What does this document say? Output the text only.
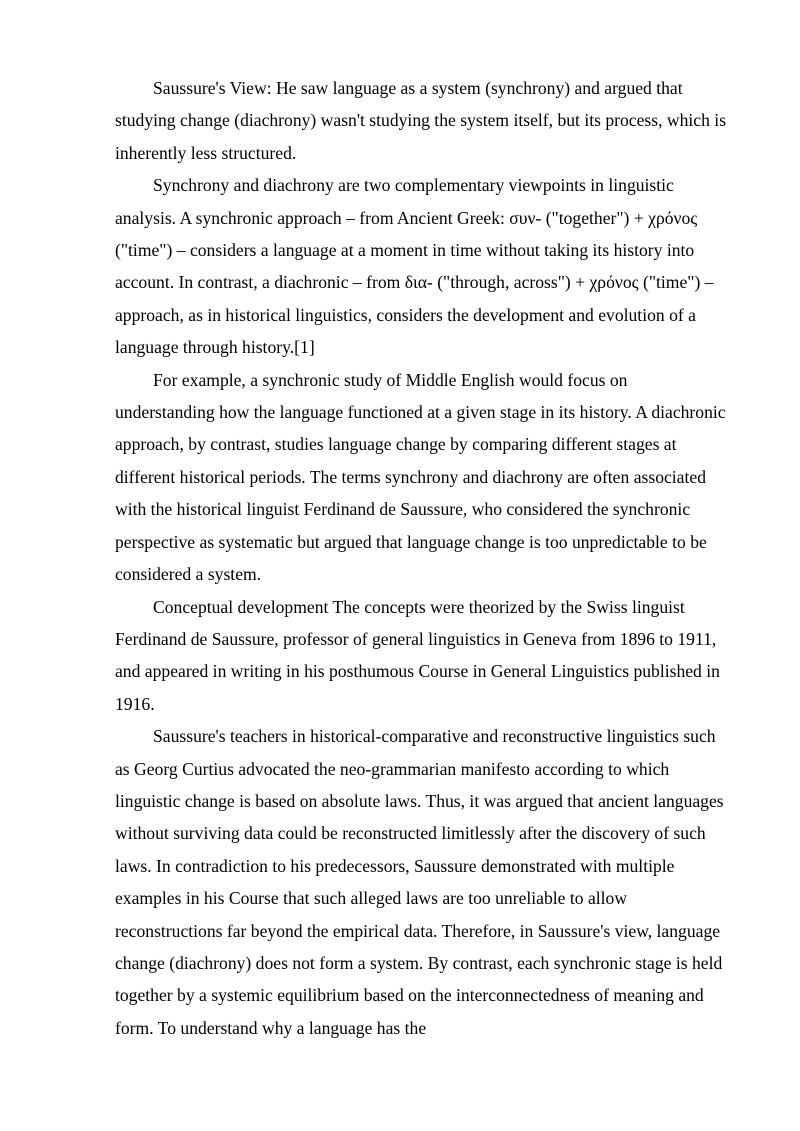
Saussure's View: He saw language as a system (synchrony) and argued that studying change (diachrony) wasn't studying the system itself, but its process, which is inherently less structured.

Synchrony and diachrony are two complementary viewpoints in linguistic analysis. A synchronic approach – from Ancient Greek: συν- ("together") + χρόνος ("time") – considers a language at a moment in time without taking its history into account. In contrast, a diachronic – from δια- ("through, across") + χρόνος ("time") – approach, as in historical linguistics, considers the development and evolution of a language through history.[1]

For example, a synchronic study of Middle English would focus on understanding how the language functioned at a given stage in its history. A diachronic approach, by contrast, studies language change by comparing different stages at different historical periods. The terms synchrony and diachrony are often associated with the historical linguist Ferdinand de Saussure, who considered the synchronic perspective as systematic but argued that language change is too unpredictable to be considered a system.

Conceptual development The concepts were theorized by the Swiss linguist Ferdinand de Saussure, professor of general linguistics in Geneva from 1896 to 1911, and appeared in writing in his posthumous Course in General Linguistics published in 1916.

Saussure's teachers in historical-comparative and reconstructive linguistics such as Georg Curtius advocated the neo-grammarian manifesto according to which linguistic change is based on absolute laws. Thus, it was argued that ancient languages without surviving data could be reconstructed limitlessly after the discovery of such laws. In contradiction to his predecessors, Saussure demonstrated with multiple examples in his Course that such alleged laws are too unreliable to allow reconstructions far beyond the empirical data. Therefore, in Saussure's view, language change (diachrony) does not form a system. By contrast, each synchronic stage is held together by a systemic equilibrium based on the interconnectedness of meaning and form. To understand why a language has the
